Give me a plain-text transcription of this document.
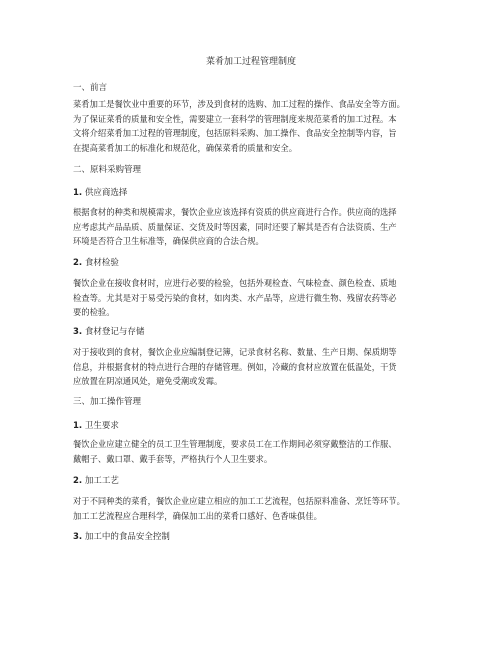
菜肴加工过程管理制度
一、前言

菜肴加工是餐饮业中重要的环节，涉及到食材的选购、加工过程的操作、食品安全等方面。

为了保证菜肴的质量和安全性，需要建立一套科学的管理制度来规范菜肴的加工过程。本

文将介绍菜肴加工过程的管理制度，包括原料采购、加工操作、食品安全控制等内容，旨

在提高菜肴加工的标准化和规范化，确保菜肴的质量和安全。

二、原料采购管理
1. 供应商选择

根据食材的种类和规模需求，餐饮企业应该选择有资质的供应商进行合作。供应商的选择

应考虑其产品品质、质量保证、交货及时等因素，同时还要了解其是否有合法资质、生产

环境是否符合卫生标准等，确保供应商的合法合规。

2. 食材检验

餐饮企业在接收食材时，应进行必要的检验，包括外观检查、气味检查、颜色检查、质地

检查等。尤其是对于易受污染的食材，如肉类、水产品等，应进行微生物、残留农药等必

要的检验。

3. 食材登记与存储

对于接收到的食材，餐饮企业应编制登记簿，记录食材名称、数量、生产日期、保质期等

信息，并根据食材的特点进行合理的存储管理。例如，冷藏的食材应放置在低温处，干货

应放置在阴凉通风处，避免受潮或发霉。

三、加工操作管理
1. 卫生要求

餐饮企业应建立健全的员工卫生管理制度，要求员工在工作期间必须穿戴整洁的工作服、

戴帽子、戴口罩、戴手套等，严格执行个人卫生要求。

2. 加工工艺

对于不同种类的菜肴，餐饮企业应建立相应的加工工艺流程，包括原料准备、烹饪等环节。

加工工艺流程应合理科学，确保加工出的菜肴口感好、色香味俱佳。

3. 加工中的食品安全控制
